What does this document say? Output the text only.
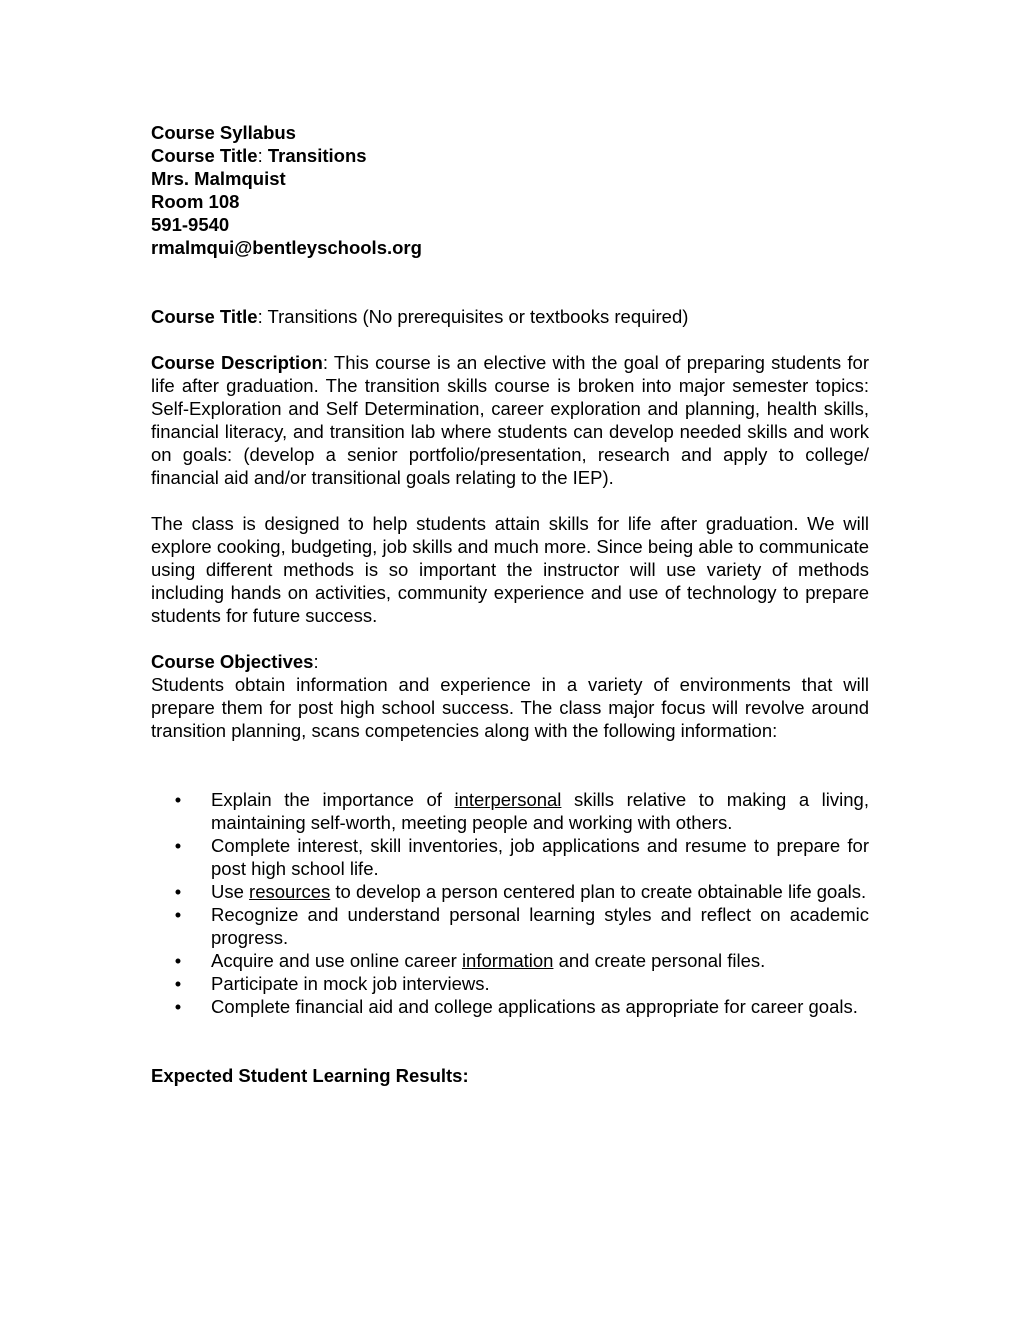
Course Syllabus
Course Title: Transitions
Mrs. Malmquist
Room 108
591-9540
rmalmqui@bentleyschools.org

Course Title: Transitions (No prerequisites or textbooks required)

Course Description: This course is an elective with the goal of preparing students for life after graduation. The transition skills course is broken into major semester topics: Self-Exploration and Self Determination, career exploration and planning, health skills, financial literacy, and transition lab where students can develop needed skills and work on goals: (develop a senior portfolio/presentation, research and apply to college/ financial aid and/or transitional goals relating to the IEP).

The class is designed to help students attain skills for life after graduation. We will explore cooking, budgeting, job skills and much more. Since being able to communicate using different methods is so important the instructor will use variety of methods including hands on activities, community experience and use of technology to prepare students for future success.

Course Objectives:

Students obtain information and experience in a variety of environments that will prepare them for post high school success. The class major focus will revolve around transition planning, scans competencies along with the following information:

• Explain the importance of interpersonal skills relative to making a living, maintaining self-worth, meeting people and working with others.
• Complete interest, skill inventories, job applications and resume to prepare for post high school life.
• Use resources to develop a person centered plan to create obtainable life goals.
• Recognize and understand personal learning styles and reflect on academic progress.
• Acquire and use online career information and create personal files.
• Participate in mock job interviews.
• Complete financial aid and college applications as appropriate for career goals.

Expected Student Learning Results:
